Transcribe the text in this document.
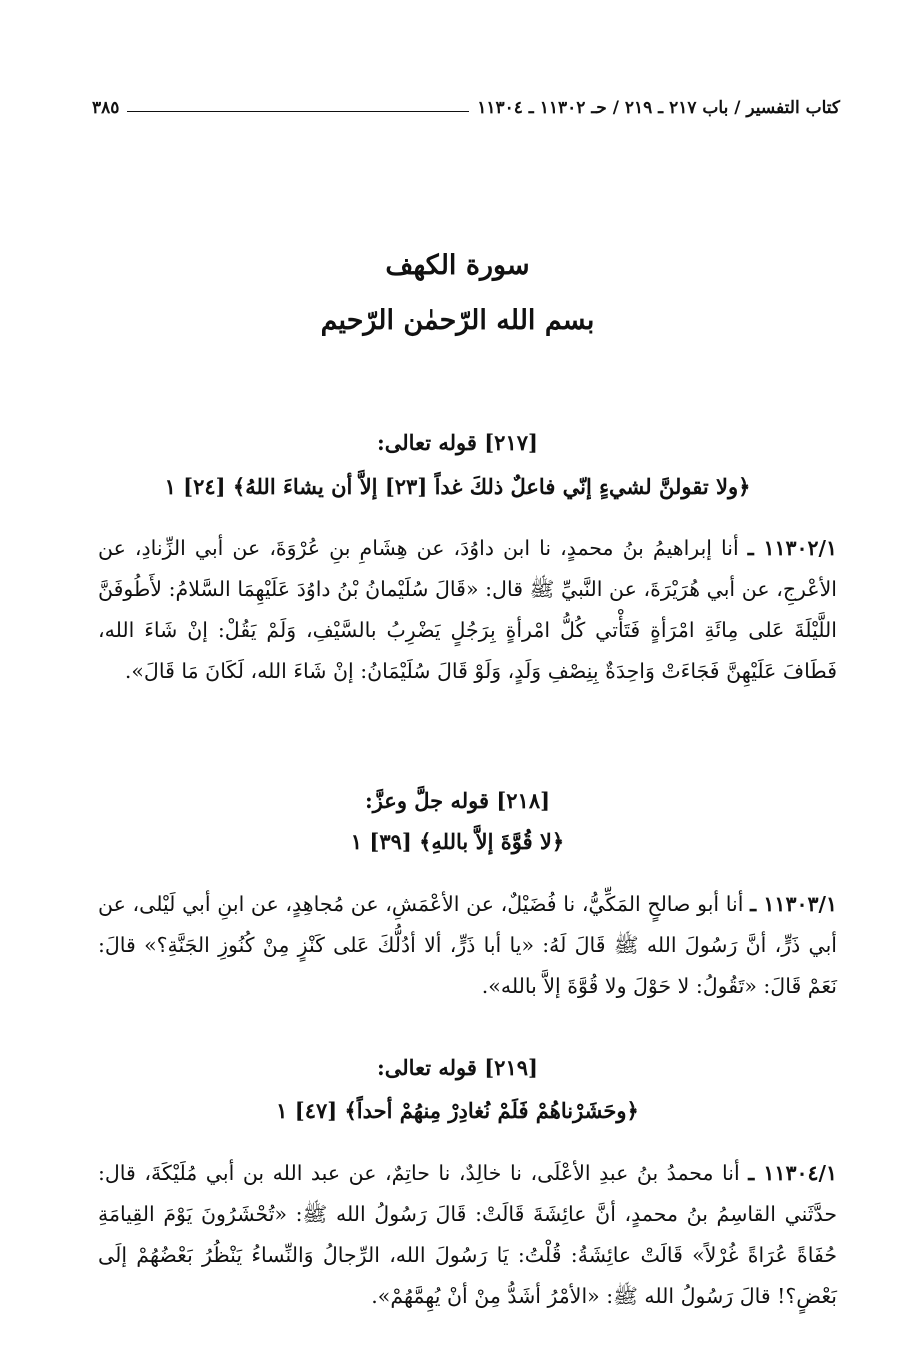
كتاب التفسير / باب ٢١٧ ـ ٢١٩ / حـ ١١٣٠٢ ـ ١١٣٠٤
٣٨٥
سورة الكهف
بسم الله الرّحمٰن الرّحيم
[٢١٧] قوله تعالى:
﴿ولا تقولنَّ لشيءٍ إنّي فاعلٌ ذلكَ غداً [٢٣] إلاَّ أن يشاءَ اللهُ﴾ [٢٤] ١
١١٣٠٢/١ ـ أنا إبراهيمُ بنُ محمدٍ، نا ابن داوُدَ، عن هِشَامِ بنِ عُرْوَةَ، عن أبي الزِّنادِ، عن الأعْرجِ، عن أبي هُرَيْرَةَ، عن النَّبيِّ ﷺ قال: «قَالَ سُلَيْمانُ بْنُ داوُدَ عَلَيْهِمَا السَّلامُ: لأَطُوفَنَّ اللَّيْلَةَ عَلى مِائَةِ امْرَأةٍ فَتَأْتي كُلُّ امْرأةٍ بِرَجُلٍ يَضْرِبُ بالسَّيْفِ، وَلَمْ يَقُلْ: إنْ شَاءَ الله، فَطَافَ عَلَيْهِنَّ فَجَاءَتْ وَاحِدَةٌ بِنِصْفِ وَلَدٍ، وَلَوْ قَالَ سُلَيْمَانُ: إنْ شَاءَ الله، لَكَانَ مَا قَالَ».
[٢١٨] قوله جلَّ وعزَّ:
﴿لا قُوَّةَ إلاَّ باللهِ﴾ [٣٩] ١
١١٣٠٣/١ ـ أنا أبو صالحٍ المَكِّيُّ، نا فُضَيْلٌ، عن الأعْمَشِ، عن مُجاهِدٍ، عن ابنِ أبي لَيْلى، عن أبي ذَرٍّ، أنَّ رَسُولَ الله ﷺ قَالَ لَهُ: «يا أبا ذَرٍّ، ألا أدُلُّكَ عَلى كَنْزٍ مِنْ كُنُوزِ الجَنَّةِ؟» قالَ: نَعَمْ قَالَ: «تَقُولُ: لا حَوْلَ ولا قُوَّةَ إلاَّ بالله».
[٢١٩] قوله تعالى:
﴿وحَشَرْناهُمْ فَلَمْ نُغادِرْ مِنهُمْ أحداً﴾ [٤٧] ١
١١٣٠٤/١ ـ أنا محمدُ بنُ عبدِ الأعْلَى، نا خالِدٌ، نا حاتِمٌ، عن عبد الله بن أبي مُلَيْكَةَ، قال: حدَّثَني القاسِمُ بنُ محمدٍ، أنَّ عائِشَةَ قَالَتْ: قَالَ رَسُولُ الله ﷺ: «تُحْشَرُونَ يَوْمَ القِيامَةِ حُفَاةً عُرَاةً غُرْلاً» قَالَتْ عائِشَةُ: قُلْتُ: يَا رَسُولَ الله، الرِّجالُ وَالنِّساءُ يَنْظُرُ بَعْضُهُمْ إلَى بَعْضٍ؟! قالَ رَسُولُ الله ﷺ: «الأمْرُ أشَدُّ مِنْ أنْ يُهِمَّهُمْ».
